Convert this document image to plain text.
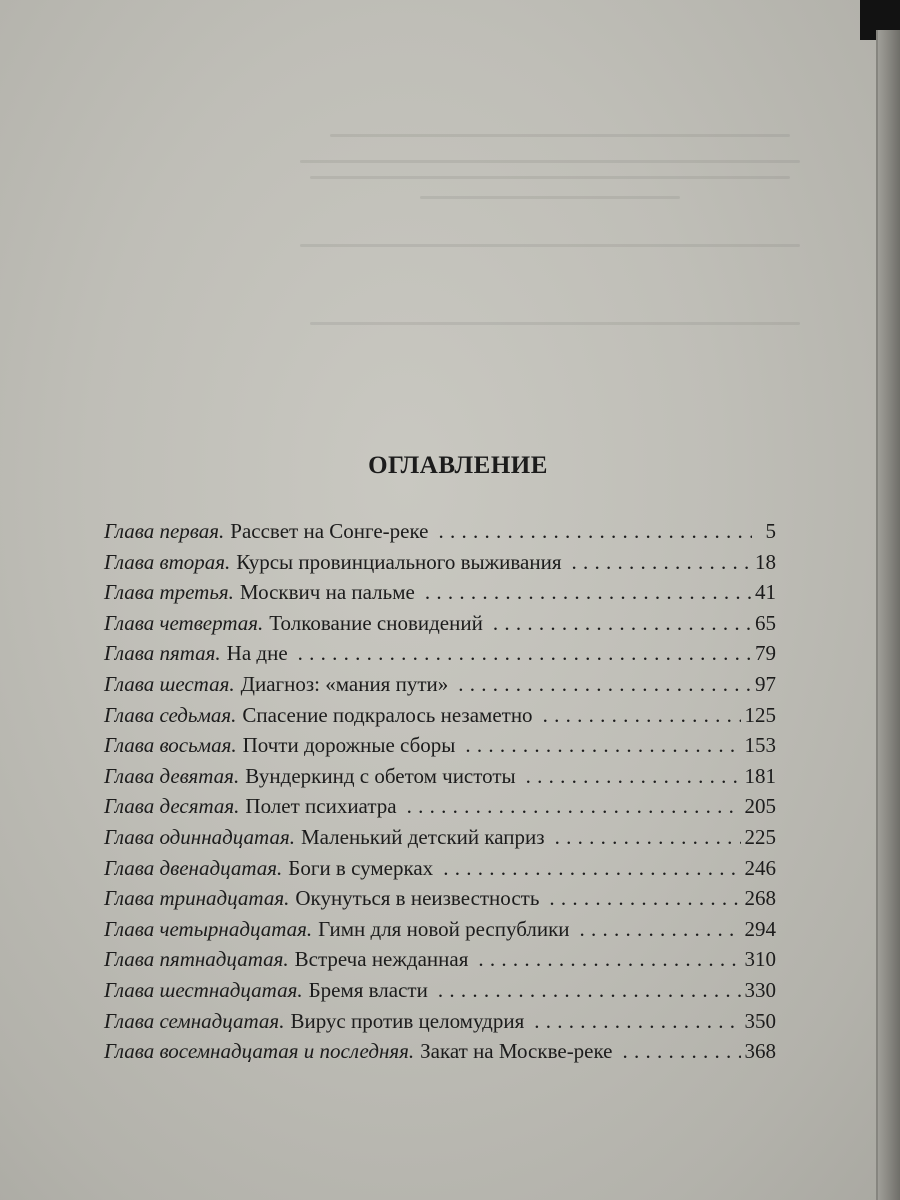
ОГЛАВЛЕНИЕ
Глава первая . Рассвет на Сонге-реке . . .	5
Глава вторая . Курсы провинциального выживания . . .	18
Глава третья . Москвич на пальме . . .	41
Глава четвертая . Толкование сновидений . . .	65
Глава пятая . На дне . . .	79
Глава шестая . Диагноз: «мания пути» . . .	97
Глава седьмая . Спасение подкралось незаметно . . .	125
Глава восьмая . Почти дорожные сборы . . .	153
Глава девятая . Вундеркинд с обетом чистоты . . .	181
Глава десятая . Полет психиатра . . .	205
Глава одиннадцатая . Маленький детский каприз . . .	225
Глава двенадцатая . Боги в сумерках . . .	246
Глава тринадцатая . Окунуться в неизвестность . . .	268
Глава четырнадцатая . Гимн для новой республики . . .	294
Глава пятнадцатая . Встреча нежданная . . .	310
Глава шестнадцатая . Бремя власти . . .	330
Глава семнадцатая . Вирус против целомудрия . . .	350
Глава восемнадцатая и последняя . Закат на Москве-реке . . .	368
